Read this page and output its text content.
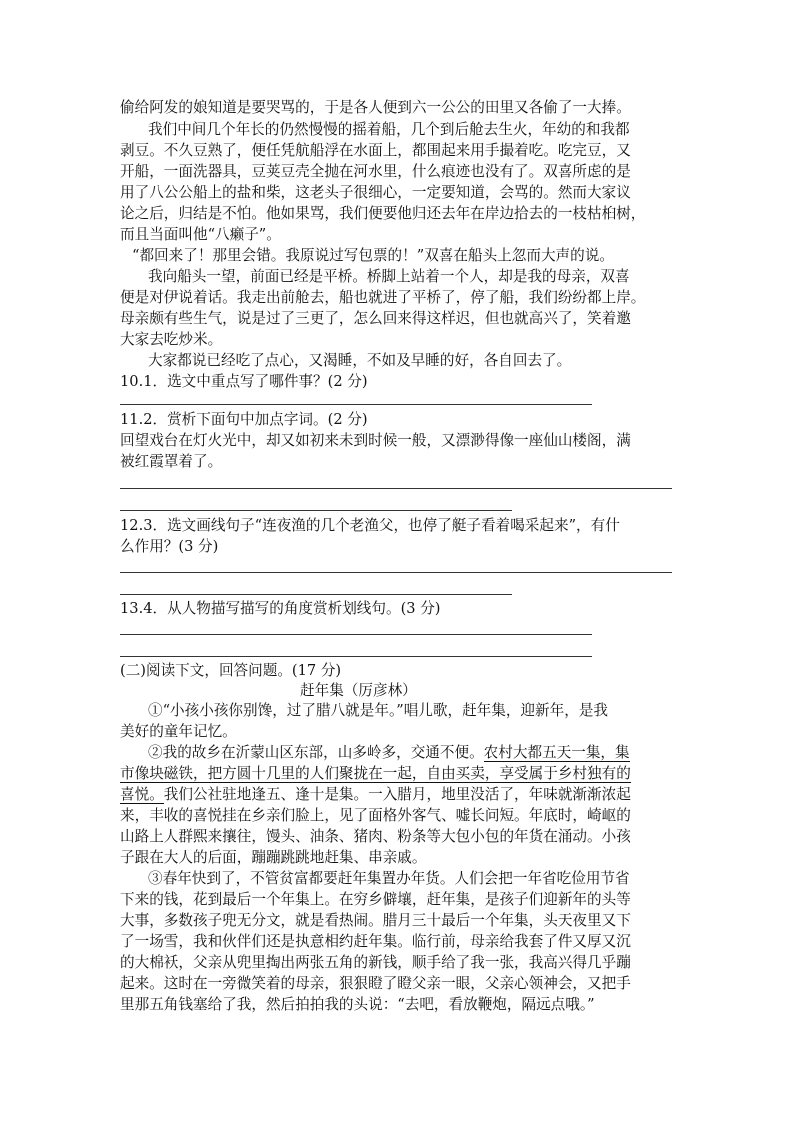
偷给阿发的娘知道是要哭骂的，于是各人便到六一公公的田里又各偷了一大捧。
我们中间几个年长的仍然慢慢的摇着船，几个到后舱去生火，年幼的和我都
剥豆。不久豆熟了，便任凭航船浮在水面上，都围起来用手撮着吃。吃完豆，又
开船，一面洗器具，豆荚豆壳全抛在河水里，什么痕迹也没有了。双喜所虑的是
用了八公公船上的盐和柴，这老头子很细心，一定要知道，会骂的。然而大家议
论之后，归结是不怕。他如果骂，我们便要他归还去年在岸边拾去的一枝枯桕树，
而且当面叫他“八癞子”。
“都回来了！那里会错。我原说过写包票的！”双喜在船头上忽而大声的说。
我向船头一望，前面已经是平桥。桥脚上站着一个人，却是我的母亲，双喜
便是对伊说着话。我走出前舱去，船也就进了平桥了，停了船，我们纷纷都上岸。
母亲颇有些生气，说是过了三更了，怎么回来得这样迟，但也就高兴了，笑着邀
大家去吃炒米。
大家都说已经吃了点心，又渴睡，不如及早睡的好，各自回去了。
10.1．选文中重点写了哪件事？(2 分)
11.2．赏析下面句中加点字词。(2 分)
回望戏台在灯火光中，却又如初来未到时候一般，又漂渺得像一座仙山楼阁，满
被红霞罩着了。
12.3．选文画线句子“连夜渔的几个老渔父，也停了艇子看着喝采起来”，有什
么作用？(3 分)
13.4．从人物描写描写的角度赏析划线句。(3 分)
(二)阅读下文，回答问题。(17 分)
赶年集（厉彦林）
①“小孩小孩你别馋，过了腊八就是年。”唱儿歌，赶年集，迎新年，是我
美好的童年记忆。
②我的故乡在沂蒙山区东部，山多岭多，交通不便。农村大都五天一集，集
市像块磁铁，把方圆十几里的人们聚拢在一起，自由买卖，享受属于乡村独有的
喜悦。我们公社驻地逢五、逢十是集。一入腊月，地里没活了，年味就渐渐浓起
来，丰收的喜悦挂在乡亲们脸上，见了面格外客气、嘘长问短。年底时，崎岖的
山路上人群熙来攘往，馒头、油条、猪肉、粉条等大包小包的年货在涌动。小孩
子跟在大人的后面，蹦蹦跳跳地赶集、串亲戚。
③春年快到了，不管贫富都要赶年集置办年货。人们会把一年省吃俭用节省
下来的钱，花到最后一个年集上。在穷乡僻壤，赶年集，是孩子们迎新年的头等
大事，多数孩子兜无分文，就是看热闹。腊月三十最后一个年集，头天夜里又下
了一场雪，我和伙伴们还是执意相约赶年集。临行前，母亲给我套了件又厚又沉
的大棉袄，父亲从兜里掏出两张五角的新钱，顺手给了我一张，我高兴得几乎蹦
起来。这时在一旁微笑着的母亲，狠狠瞪了瞪父亲一眼，父亲心领神会，又把手
里那五角钱塞给了我，然后拍拍我的头说：“去吧，看放鞭炮，隔远点哦。”
